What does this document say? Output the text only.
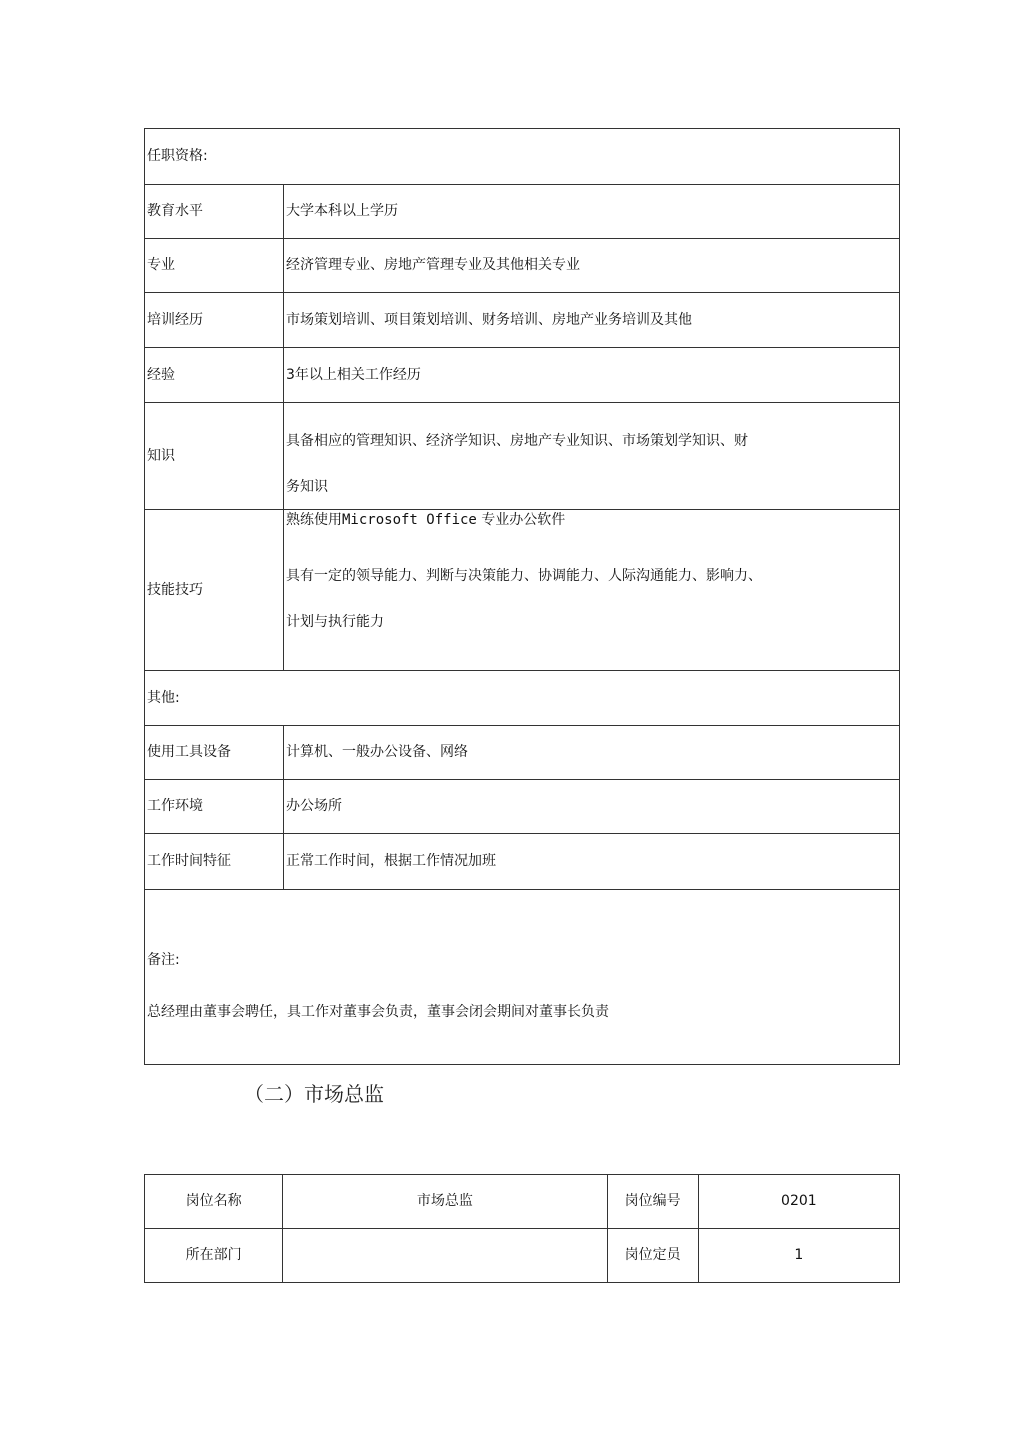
任职资格:	
教育水平	大学本科以上学历
专业	经济管理专业、房地产管理专业及其他相关专业
培训经历	市场策划培训、项目策划培训、财务培训、房地产业务培训及其他
经验	3年以上相关工作经历
知识	具备相应的管理知识、经济学知识、房地产专业知识、市场策划学知识、财
务知识

技能技巧	熟练使用Microsoft Office 专业办公软件
具有一定的领导能力、判断与决策能力、协调能力、人际沟通能力、影响力、
计划与执行能力

其他:	
使用工具设备	计算机、一般办公设备、网络
工作环境	办公场所
工作时间特征	正常工作时间，根据工作情况加班

备注:
总经理由董事会聘任，具工作对董事会负责，董事会闭会期间对董事长负责	
（二）市场总监
岗位名称	市场总监	岗位编号	0201
所在部门		岗位定员	1
